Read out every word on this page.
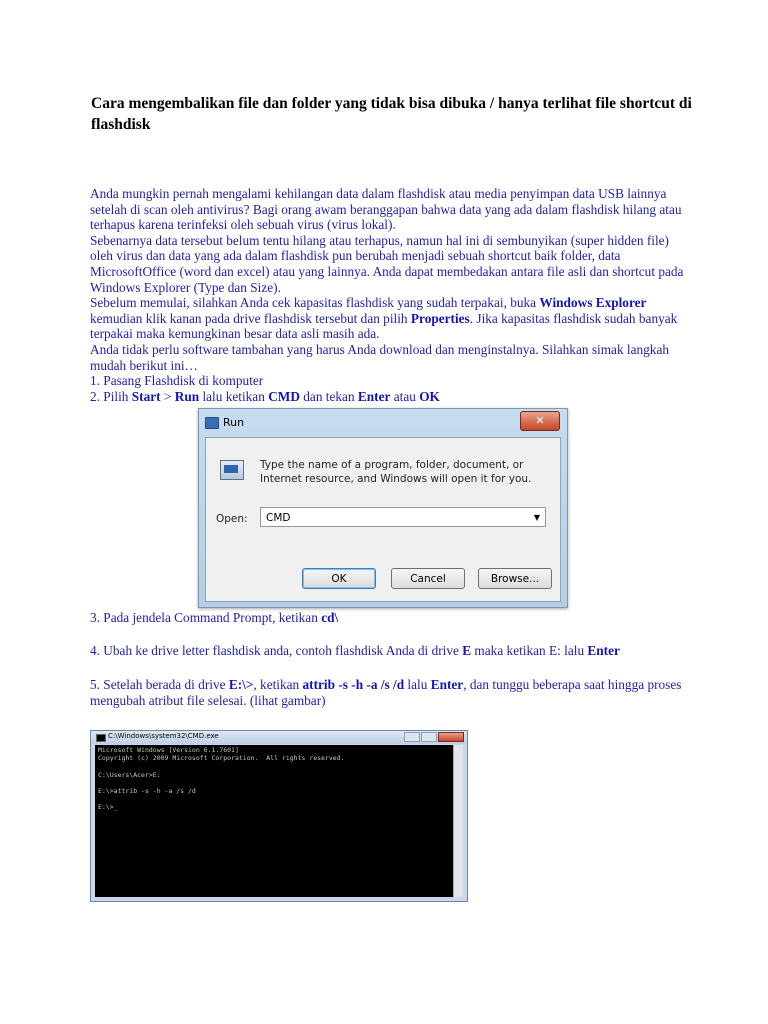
Cara mengembalikan file dan folder yang tidak bisa dibuka / hanya terlihat file shortcut di flashdisk
Anda mungkin pernah mengalami kehilangan data dalam flashdisk atau media penyimpan data USB lainnya setelah di scan oleh antivirus? Bagi orang awam beranggapan bahwa data yang ada dalam flashdisk hilang atau terhapus karena terinfeksi oleh sebuah virus (virus lokal).
Sebenarnya data tersebut belum tentu hilang atau terhapus, namun hal ini di sembunyikan (super hidden file) oleh virus dan data yang ada dalam flashdisk pun berubah menjadi sebuah shortcut baik folder, data MicrosoftOffice (word dan excel) atau yang lainnya. Anda dapat membedakan antara file asli dan shortcut pada Windows Explorer (Type dan Size).
Sebelum memulai, silahkan Anda cek kapasitas flashdisk yang sudah terpakai, buka Windows Explorer kemudian klik kanan pada drive flashdisk tersebut dan pilih Properties. Jika kapasitas flashdisk sudah banyak terpakai maka kemungkinan besar data asli masih ada.
Anda tidak perlu software tambahan yang harus Anda download dan menginstalnya. Silahkan simak langkah mudah berikut ini…
1. Pasang Flashdisk di komputer
2. Pilih Start > Run lalu ketikan CMD dan tekan Enter atau OK
Run	✕
Type the name of a program, folder, document, or Internet resource, and Windows will open it for you.
Open:	CMD	▼
OK	Cancel	Browse...
3. Pada jendela Command Prompt, ketikan cd\
4. Ubah ke drive letter flashdisk anda, contoh flashdisk Anda di drive E maka ketikan E: lalu Enter
5. Setelah berada di drive E:\>, ketikan attrib -s -h -a /s /d lalu Enter, dan tunggu beberapa saat hingga proses mengubah atribut file selesai. (lihat gambar)
C:\Windows\system32\CMD.exe
Microsoft Windows [Version 6.1.7601]
Copyright (c) 2009 Microsoft Corporation.  All rights reserved.
C:\Users\Acer>E:
E:\>attrib -s -h -a /s /d
E:\>_
